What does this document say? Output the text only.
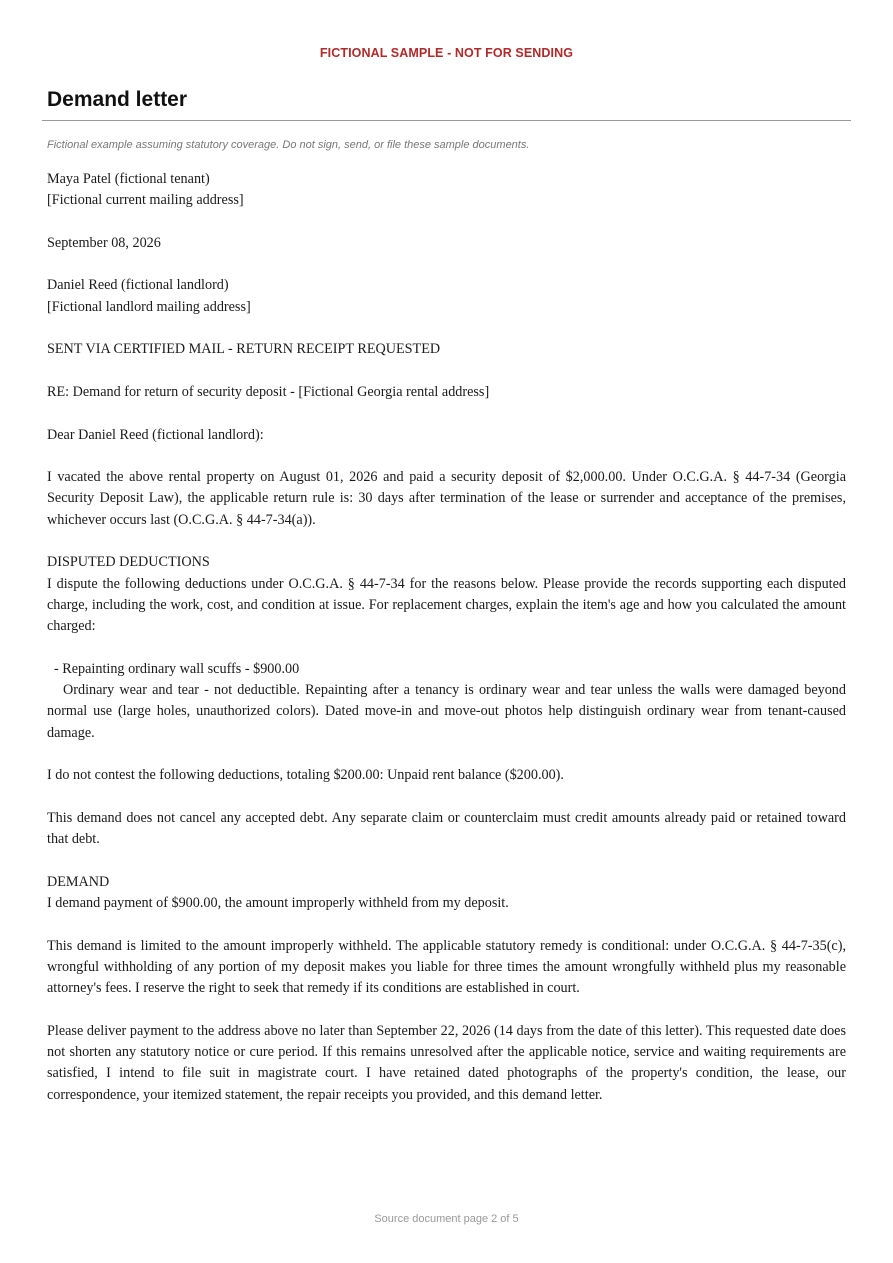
FICTIONAL SAMPLE - NOT FOR SENDING
Demand letter
Fictional example assuming statutory coverage. Do not sign, send, or file these sample documents.
Maya Patel (fictional tenant)
[Fictional current mailing address]
September 08, 2026
Daniel Reed (fictional landlord)
[Fictional landlord mailing address]
SENT VIA CERTIFIED MAIL - RETURN RECEIPT REQUESTED
RE: Demand for return of security deposit - [Fictional Georgia rental address]
Dear Daniel Reed (fictional landlord):
I vacated the above rental property on August 01, 2026 and paid a security deposit of $2,000.00. Under O.C.G.A. § 44-7-34 (Georgia Security Deposit Law), the applicable return rule is: 30 days after termination of the lease or surrender and acceptance of the premises, whichever occurs last (O.C.G.A. § 44-7-34(a)).
DISPUTED DEDUCTIONS
I dispute the following deductions under O.C.G.A. § 44-7-34 for the reasons below. Please provide the records supporting each disputed charge, including the work, cost, and condition at issue. For replacement charges, explain the item's age and how you calculated the amount charged:
- Repainting ordinary wall scuffs - $900.00
Ordinary wear and tear - not deductible. Repainting after a tenancy is ordinary wear and tear unless the walls were damaged beyond normal use (large holes, unauthorized colors). Dated move-in and move-out photos help distinguish ordinary wear from tenant-caused damage.
I do not contest the following deductions, totaling $200.00: Unpaid rent balance ($200.00).
This demand does not cancel any accepted debt. Any separate claim or counterclaim must credit amounts already paid or retained toward that debt.
DEMAND
I demand payment of $900.00, the amount improperly withheld from my deposit.
This demand is limited to the amount improperly withheld. The applicable statutory remedy is conditional: under O.C.G.A. § 44-7-35(c), wrongful withholding of any portion of my deposit makes you liable for three times the amount wrongfully withheld plus my reasonable attorney's fees. I reserve the right to seek that remedy if its conditions are established in court.
Please deliver payment to the address above no later than September 22, 2026 (14 days from the date of this letter). This requested date does not shorten any statutory notice or cure period. If this remains unresolved after the applicable notice, service and waiting requirements are satisfied, I intend to file suit in magistrate court. I have retained dated photographs of the property's condition, the lease, our correspondence, your itemized statement, the repair receipts you provided, and this demand letter.
Source document page 2 of 5
